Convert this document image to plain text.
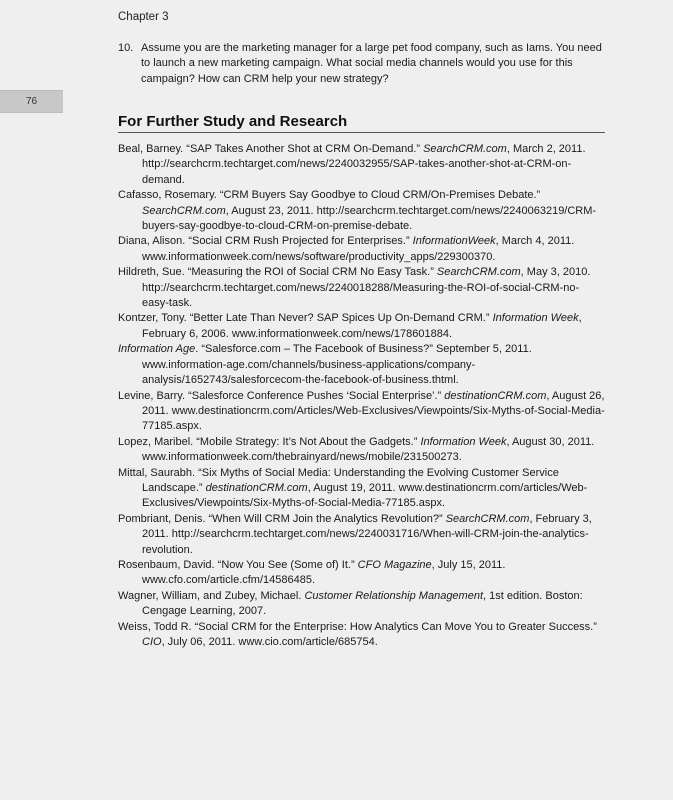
Chapter 3
10. Assume you are the marketing manager for a large pet food company, such as Iams. You need to launch a new marketing campaign. What social media channels would you use for this campaign? How can CRM help your new strategy?
76
For Further Study and Research

Beal, Barney. “SAP Takes Another Shot at CRM On-Demand.” SearchCRM.com, March 2, 2011. http://searchcrm.techtarget.com/news/2240032955/SAP-takes-another-shot-at-CRM-on-demand.

Cafasso, Rosemary. “CRM Buyers Say Goodbye to Cloud CRM/On-Premises Debate.” SearchCRM.com, August 23, 2011. http://searchcrm.techtarget.com/news/2240063219/CRM-buyers-say-goodbye-to-cloud-CRM-on-premise-debate.

Diana, Alison. “Social CRM Rush Projected for Enterprises.” InformationWeek, March 4, 2011. www.informationweek.com/news/software/productivity_apps/229300370.

Hildreth, Sue. “Measuring the ROI of Social CRM No Easy Task.” SearchCRM.com, May 3, 2010. http://searchcrm.techtarget.com/news/2240018288/Measuring-the-ROI-of-social-CRM-no-easy-task.

Kontzer, Tony. “Better Late Than Never? SAP Spices Up On-Demand CRM.” Information Week, February 6, 2006. www.informationweek.com/news/178601884.

Information Age. “Salesforce.com – The Facebook of Business?” September 5, 2011. www.information-age.com/channels/business-applications/company-analysis/1652743/salesforcecom-the-facebook-of-business.thtml.

Levine, Barry. “Salesforce Conference Pushes ‘Social Enterprise’.” destinationCRM.com, August 26, 2011. www.destinationcrm.com/Articles/Web-Exclusives/Viewpoints/Six-Myths-of-Social-Media-77185.aspx.

Lopez, Maribel. “Mobile Strategy: It’s Not About the Gadgets.” Information Week, August 30, 2011. www.informationweek.com/thebrainyard/news/mobile/231500273.

Mittal, Saurabh. “Six Myths of Social Media: Understanding the Evolving Customer Service Landscape.” destinationCRM.com, August 19, 2011. www.destinationcrm.com/articles/Web-Exclusives/Viewpoints/Six-Myths-of-Social-Media-77185.aspx.

Pombriant, Denis. “When Will CRM Join the Analytics Revolution?” SearchCRM.com, February 3, 2011. http://searchcrm.techtarget.com/news/2240031716/When-will-CRM-join-the-analytics-revolution.

Rosenbaum, David. “Now You See (Some of) It.” CFO Magazine, July 15, 2011. www.cfo.com/article.cfm/14586485.

Wagner, William, and Zubey, Michael. Customer Relationship Management, 1st edition. Boston: Cengage Learning, 2007.

Weiss, Todd R. “Social CRM for the Enterprise: How Analytics Can Move You to Greater Success.” CIO, July 06, 2011. www.cio.com/article/685754.
